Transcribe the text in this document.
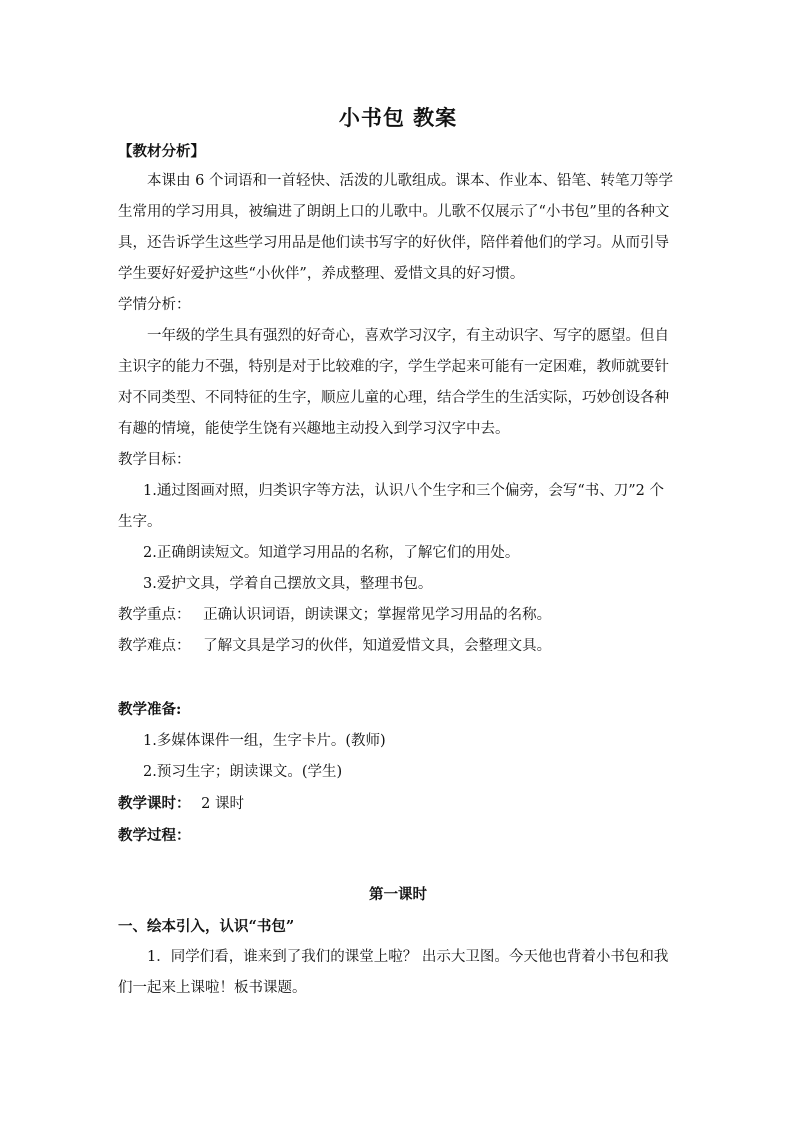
小书包 教案

【教材分析】

本课由 6 个词语和一首轻快、活泼的儿歌组成。课本、作业本、铅笔、转笔刀等学生常用的学习用具，被编进了朗朗上口的儿歌中。儿歌不仅展示了“小书包”里的各种文具，还告诉学生这些学习用品是他们读书写字的好伙伴，陪伴着他们的学习。从而引导学生要好好爱护这些“小伙伴”，养成整理、爱惜文具的好习惯。

学情分析：

一年级的学生具有强烈的好奇心，喜欢学习汉字，有主动识字、写字的愿望。但自主识字的能力不强，特别是对于比较难的字，学生学起来可能有一定困难，教师就要针对不同类型、不同特征的生字，顺应儿童的心理，结合学生的生活实际，巧妙创设各种有趣的情境，能使学生饶有兴趣地主动投入到学习汉字中去。

教学目标：

1.通过图画对照，归类识字等方法，认识八个生字和三个偏旁，会写“书、刀”2 个生字。

2.正确朗读短文。知道学习用品的名称，了解它们的用处。

3.爱护文具，学着自己摆放文具，整理书包。

教学重点： 正确认识词语，朗读课文；掌握常见学习用品的名称。

教学难点： 了解文具是学习的伙伴，知道爱惜文具，会整理文具。

教学准备:

1.多媒体课件一组，生字卡片。(教师)

2.预习生字；朗读课文。(学生)

教学课时： 2 课时

教学过程：

第一课时

一、绘本引入，认识“书包”

1．同学们看，谁来到了我们的课堂上啦？ 出示大卫图。今天他也背着小书包和我们一起来上课啦！板书课题。
